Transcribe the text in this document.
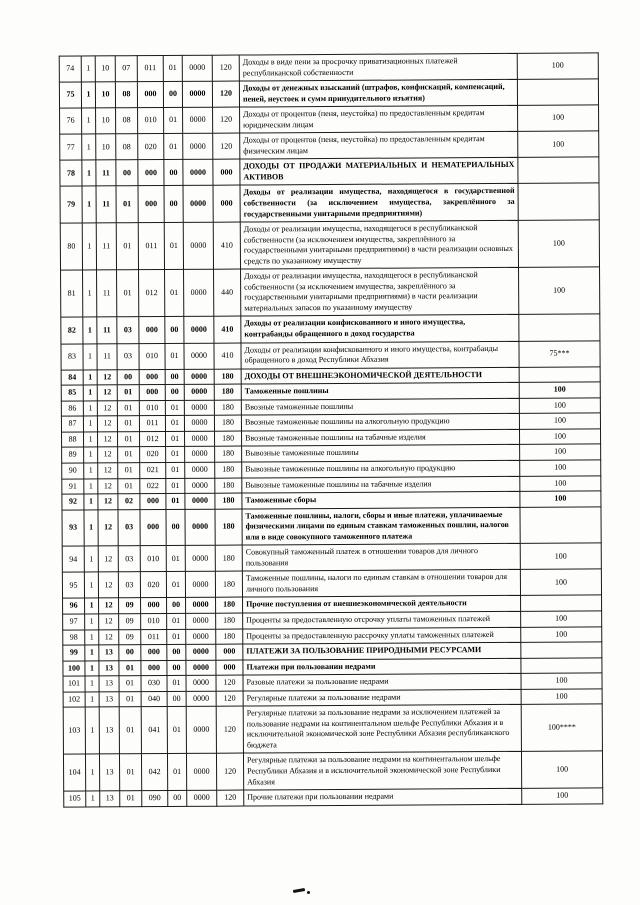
74	1	10	07	011	01	0000	120	Доходы в виде пени за просрочку приватизационных платежей республиканской собственности	100
75	1	10	08	000	00	0000	120	Доходы от денежных взысканий (штрафов, конфискаций, компенсаций, пеней, неустоек и сумм принудительного изъятия)	
76	1	10	08	010	01	0000	120	Доходы от процентов (пеня, неустойка) по предоставленным кредитам юридическим лицам	100
77	1	10	08	020	01	0000	120	Доходы от процентов (пеня, неустойка) по предоставленным кредитам физическим лицам	100
78	1	11	00	000	00	0000	000	ДОХОДЫ ОТ ПРОДАЖИ МАТЕРИАЛЬНЫХ И НЕМАТЕРИАЛЬНЫХ АКТИВОВ	
79	1	11	01	000	00	0000	000	Доходы от реализации имущества, находящегося в государственной собственности (за исключением имущества, закреплённого за государственными унитарными предприятиями)	
80	1	11	01	011	01	0000	410	Доходы от реализации имущества, находящегося в республиканской собственности (за исключением имущества, закреплённого за государственными унитарными предприятиями) в части реализации основных средств по указанному имуществу	100
81	1	11	01	012	01	0000	440	Доходы от реализации имущества, находящегося в республиканской собственности (за исключением имущества, закреплённого за государственными унитарными предприятиями) в части реализации материальных запасов по указанному имуществу	100
82	1	11	03	000	00	0000	410	Доходы от реализации конфискованного и иного имущества, контрабанды обращенного в доход государства	
83	1	11	03	010	01	0000	410	Доходы от реализации конфискованного и иного имущества, контрабанды обращенного в доход Республики Абхазия	75***
84	1	12	00	000	00	0000	180	ДОХОДЫ ОТ ВНЕШНЕЭКОНОМИЧЕСКОЙ ДЕЯТЕЛЬНОСТИ	
85	1	12	01	000	00	0000	180	Таможенные пошлины	100
86	1	12	01	010	01	0000	180	Ввозные таможенные пошлины	100
87	1	12	01	011	01	0000	180	Ввозные таможенные пошлины на алкогольную продукцию	100
88	1	12	01	012	01	0000	180	Ввозные таможенные пошлины на табачные изделия	100
89	1	12	01	020	01	0000	180	Вывозные таможенные пошлины	100
90	1	12	01	021	01	0000	180	Вывозные таможенные пошлины на алкогольную продукцию	100
91	1	12	01	022	01	0000	180	Вывозные таможенные пошлины на табачные изделия	100
92	1	12	02	000	01	0000	180	Таможенные сборы	100
93	1	12	03	000	00	0000	180	Таможенные пошлины, налоги, сборы и иные платежи, уплачиваемые физическими лицами по единым ставкам таможенных пошлин, налогов или в виде совокупного таможенного платежа	
94	1	12	03	010	01	0000	180	Совокупный таможенный платеж в отношении товаров для личного пользования	100
95	1	12	03	020	01	0000	180	Таможенные пошлины, налоги по единым ставкам в отношении товаров для личного пользования	100
96	1	12	09	000	00	0000	180	Прочие поступления от внешнеэкономической деятельности	
97	1	12	09	010	01	0000	180	Проценты за предоставленную отсрочку уплаты таможенных платежей	100
98	1	12	09	011	01	0000	180	Проценты за предоставленную рассрочку уплаты таможенных платежей	100
99	1	13	00	000	00	0000	000	ПЛАТЕЖИ ЗА ПОЛЬЗОВАНИЕ ПРИРОДНЫМИ РЕСУРСАМИ	
100	1	13	01	000	00	0000	000	Платежи при пользовании недрами	
101	1	13	01	030	01	0000	120	Разовые платежи за пользование недрами	100
102	1	13	01	040	00	0000	120	Регулярные платежи за пользование недрами	100
103	1	13	01	041	01	0000	120	Регулярные платежи за пользование недрами за исключением платежей за пользование недрами на континентальном шельфе Республики Абхазия и в исключительной экономической зоне Республики Абхазия республиканского бюджета	100****
104	1	13	01	042	01	0000	120	Регулярные платежи за пользование недрами на континентальном шельфе Республики Абхазия и в исключительной экономической зоне Республики Абхазия	100
105	1	13	01	090	00	0000	120	Прочие платежи при пользовании недрами	100
